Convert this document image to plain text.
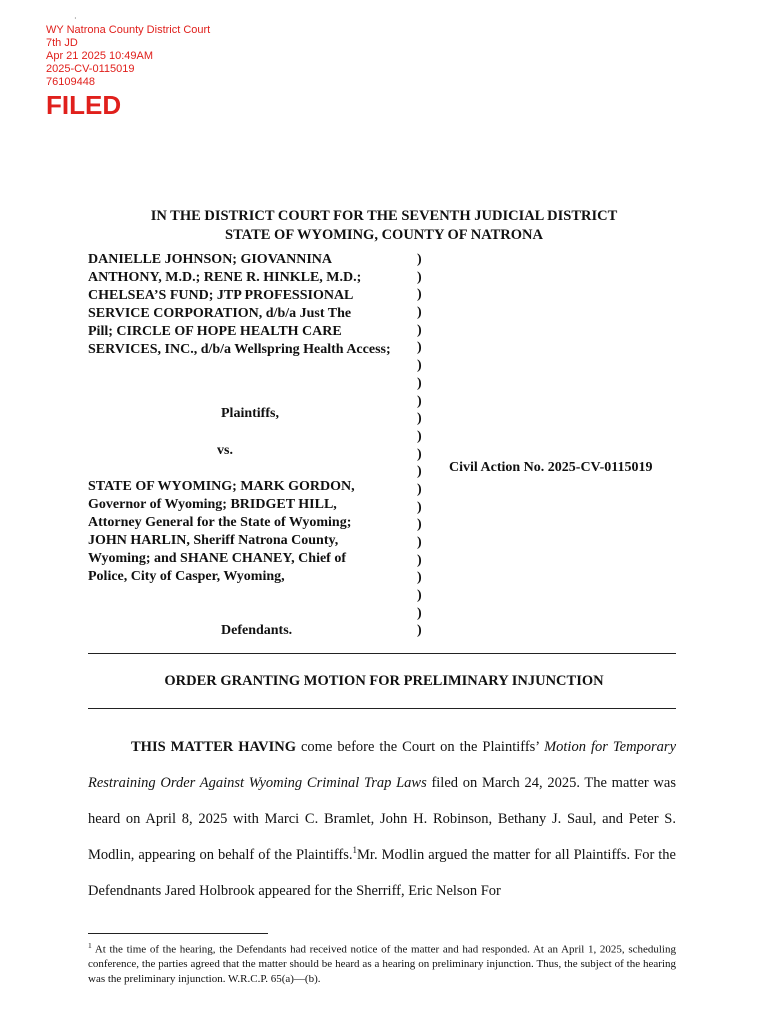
·
WY Natrona County District Court
7th JD
Apr 21 2025 10:49AM
2025-CV-0115019
76109448
FILED
IN THE DISTRICT COURT FOR THE SEVENTH JUDICIAL DISTRICT
STATE OF WYOMING, COUNTY OF NATRONA
DANIELLE JOHNSON; GIOVANNINA
ANTHONY, M.D.; RENE R. HINKLE, M.D.;
CHELSEA’S FUND; JTP PROFESSIONAL
SERVICE CORPORATION, d/b/a Just The
Pill; CIRCLE OF HOPE HEALTH CARE
SERVICES, INC., d/b/a Wellspring Health Access;
Plaintiffs,
vs.
STATE OF WYOMING; MARK GORDON,
Governor of Wyoming; BRIDGET HILL,
Attorney General for the State of Wyoming;
JOHN HARLIN, Sheriff Natrona County,
Wyoming; and SHANE CHANEY, Chief of
Police, City of Casper, Wyoming,
Defendants.
)
)
)
)
)
)
)
)
)
)
)
)
)
)
)
)
)
)
)
)
)
)
Civil Action No. 2025-CV-0115019
ORDER GRANTING MOTION FOR PRELIMINARY INJUNCTION

THIS MATTER HAVING come before the Court on the Plaintiffs’ Motion for Temporary Restraining Order Against Wyoming Criminal Trap Laws filed on March 24, 2025. The matter was heard on April 8, 2025 with Marci C. Bramlet, John H. Robinson, Bethany J. Saul, and Peter S. Modlin, appearing on behalf of the Plaintiffs.$^1$Mr. Modlin argued the matter for all Plaintiffs. For the Defendnants Jared Holbrook appeared for the Sherriff, Eric Nelson For

$^1$ At the time of the hearing, the Defendants had received notice of the matter and had responded. At an April 1, 2025, scheduling conference, the parties agreed that the matter should be heard as a hearing on preliminary injunction. Thus, the subject of the hearing was the preliminary injunction. W.R.C.P. 65(a)—(b).
